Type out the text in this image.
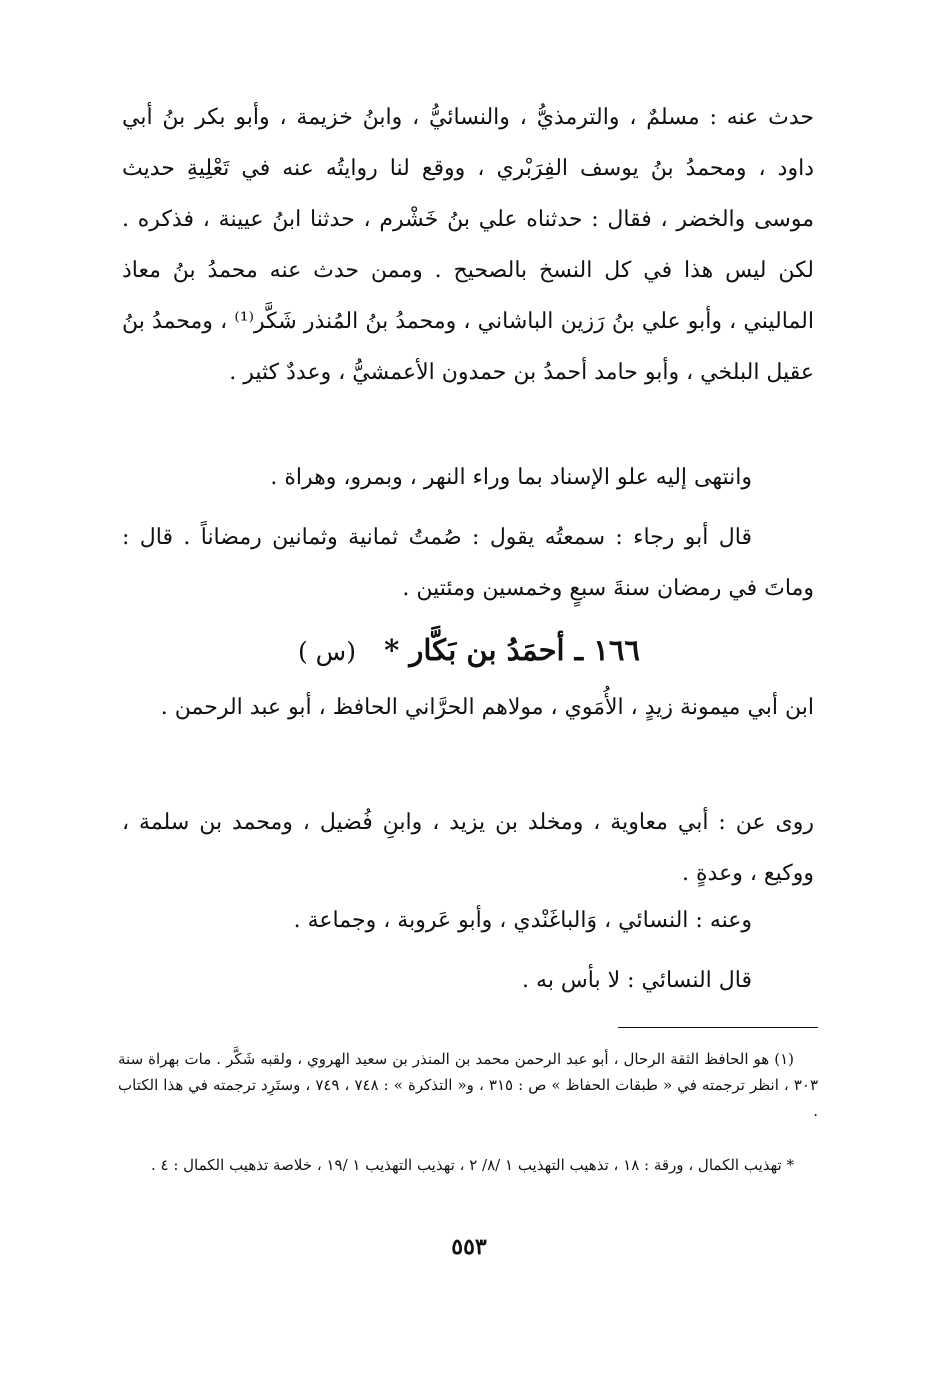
حدث عنه : مسلمٌ ، والترمذيُّ ، والنسائيُّ ، وابنُ خزيمة ، وأبو بكر بنُ أبي داود ، ومحمدُ بنُ يوسف الفِرَبْري ، ووقع لنا روايتُه عنه في تَعْلِيةِ حديث موسى والخضر ، فقال : حدثناه علي بنُ خَشْرم ، حدثنا ابنُ عيينة ، فذكره . لكن ليس هذا في كل النسخ بالصحيح . وممن حدث عنه محمدُ بنُ معاذ الماليني ، وأبو علي بنُ رَزين الباشاني ، ومحمدُ بنُ المُنذر شَكَّر⁽¹⁾ ، ومحمدُ بنُ عقيل البلخي ، وأبو حامد أحمدُ بن حمدون الأعمشيُّ ، وعددٌ كثير .

وانتهى إليه علو الإسناد بما وراء النهر ، وبمرو، وهراة .

قال أبو رجاء : سمعتُه يقول : صُمتُ ثمانية وثمانين رمضاناً . قال : وماتَ في رمضان سنةَ سبعٍ وخمسين ومئتين .

١٦٦ ـ أحمَدُ بن بَكَّار * (س )

ابن أبي ميمونة زيدٍ ، الأُمَوي ، مولاهم الحرَّاني الحافظ ، أبو عبد الرحمن .

روى عن : أبي معاوية ، ومخلد بن يزيد ، وابنِ فُضيل ، ومحمد بن سلمة ، ووكيع ، وعدةٍ .

وعنه : النسائي ، وَالباغَنْدي ، وأبو عَروبة ، وجماعة .

قال النسائي : لا بأس به .

(١) هو الحافظ الثقة الرحال ، أبو عبد الرحمن محمد بن المنذر بن سعيد الهروي ، ولقبه شَكَّر . مات بهراة سنة ٣٠٣ ، انظر ترجمته في « طبقات الحفاظ » ص : ٣١٥ ، و« التذكرة » : ٧٤٨ ، ٧٤٩ ، وستَرِد ترجمته في هذا الكتاب .

* تهذيب الكمال ، ورقة : ١٨ ، تذهيب التهذيب ١ /٨/ ٢ ، تهذيب التهذيب ١ /١٩ ، خلاصة تذهيب الكمال : ٤ .

٥٥٣
